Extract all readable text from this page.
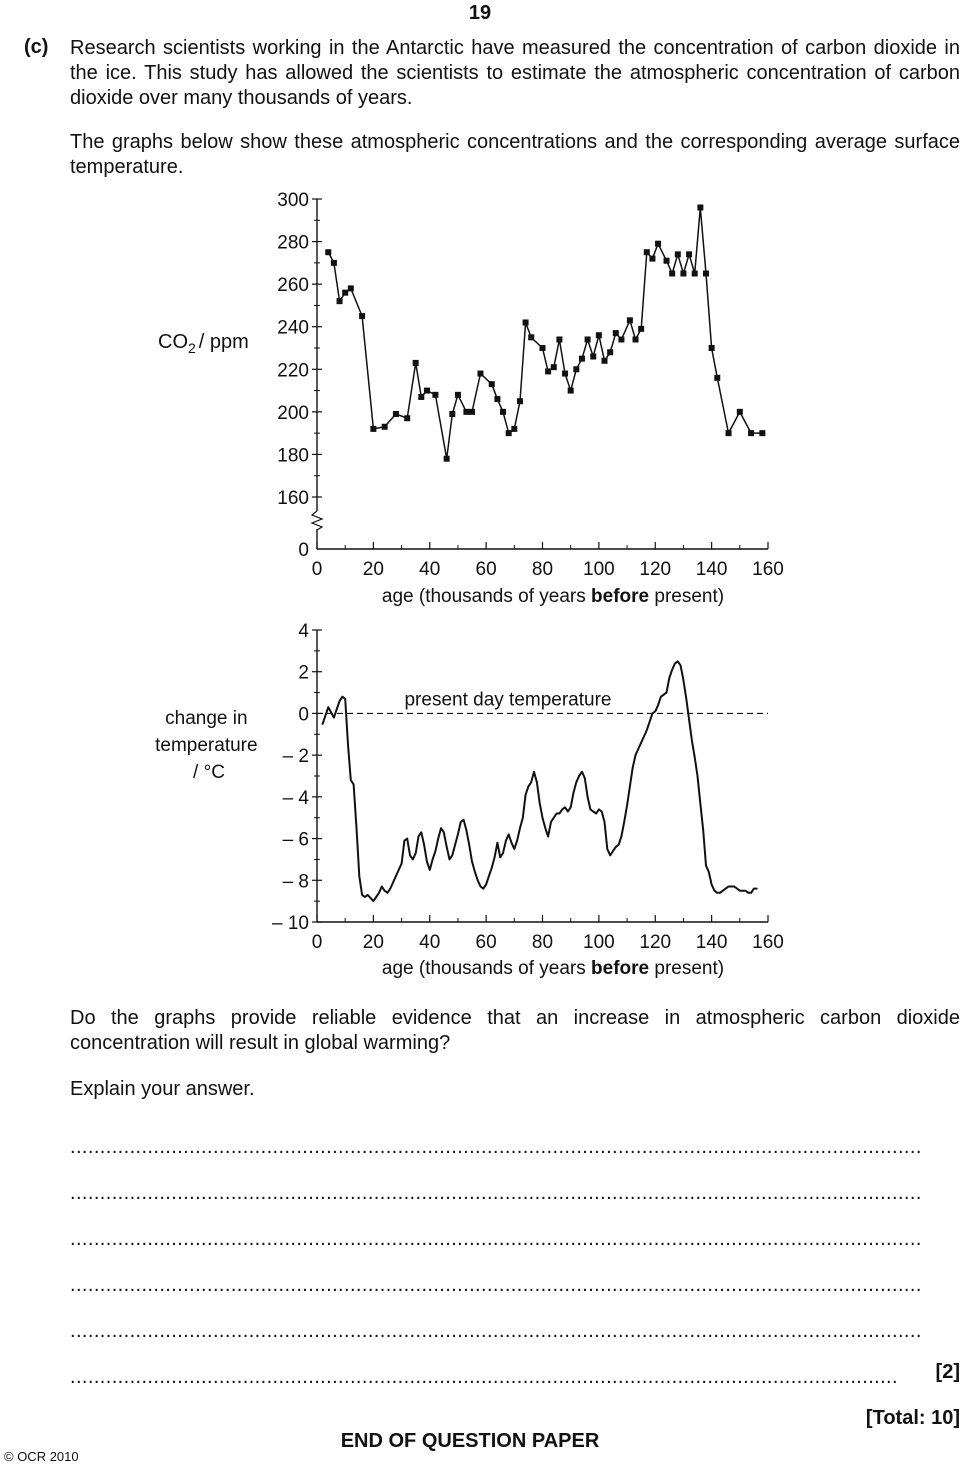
19
(c) Research scientists working in the Antarctic have measured the concentration of carbon dioxide in the ice. This study has allowed the scientists to estimate the atmospheric concentration of carbon dioxide over many thousands of years.
The graphs below show these atmospheric concentrations and the corresponding average surface temperature.
$CO_2$ / ppm
age (thousands of years before present)
160
180
200
220
240
260
280
300
0
0 20 40 60 80 100 120 140 160
change in temperature / °C
age (thousands of years before present)
4
2
0
– 2
– 4
– 6
– 8
– 10
0 20 40 60 80 100 120 140 160
present day temperature
Do the graphs provide reliable evidence that an increase in atmospheric carbon dioxide concentration will result in global warming?
Explain your answer.
...............................................................................................................................................
...............................................................................................................................................
...............................................................................................................................................
...............................................................................................................................................
...............................................................................................................................................
...........................................................................................................................................	[2]
[Total: 10]
© OCR 2010
END OF QUESTION PAPER
